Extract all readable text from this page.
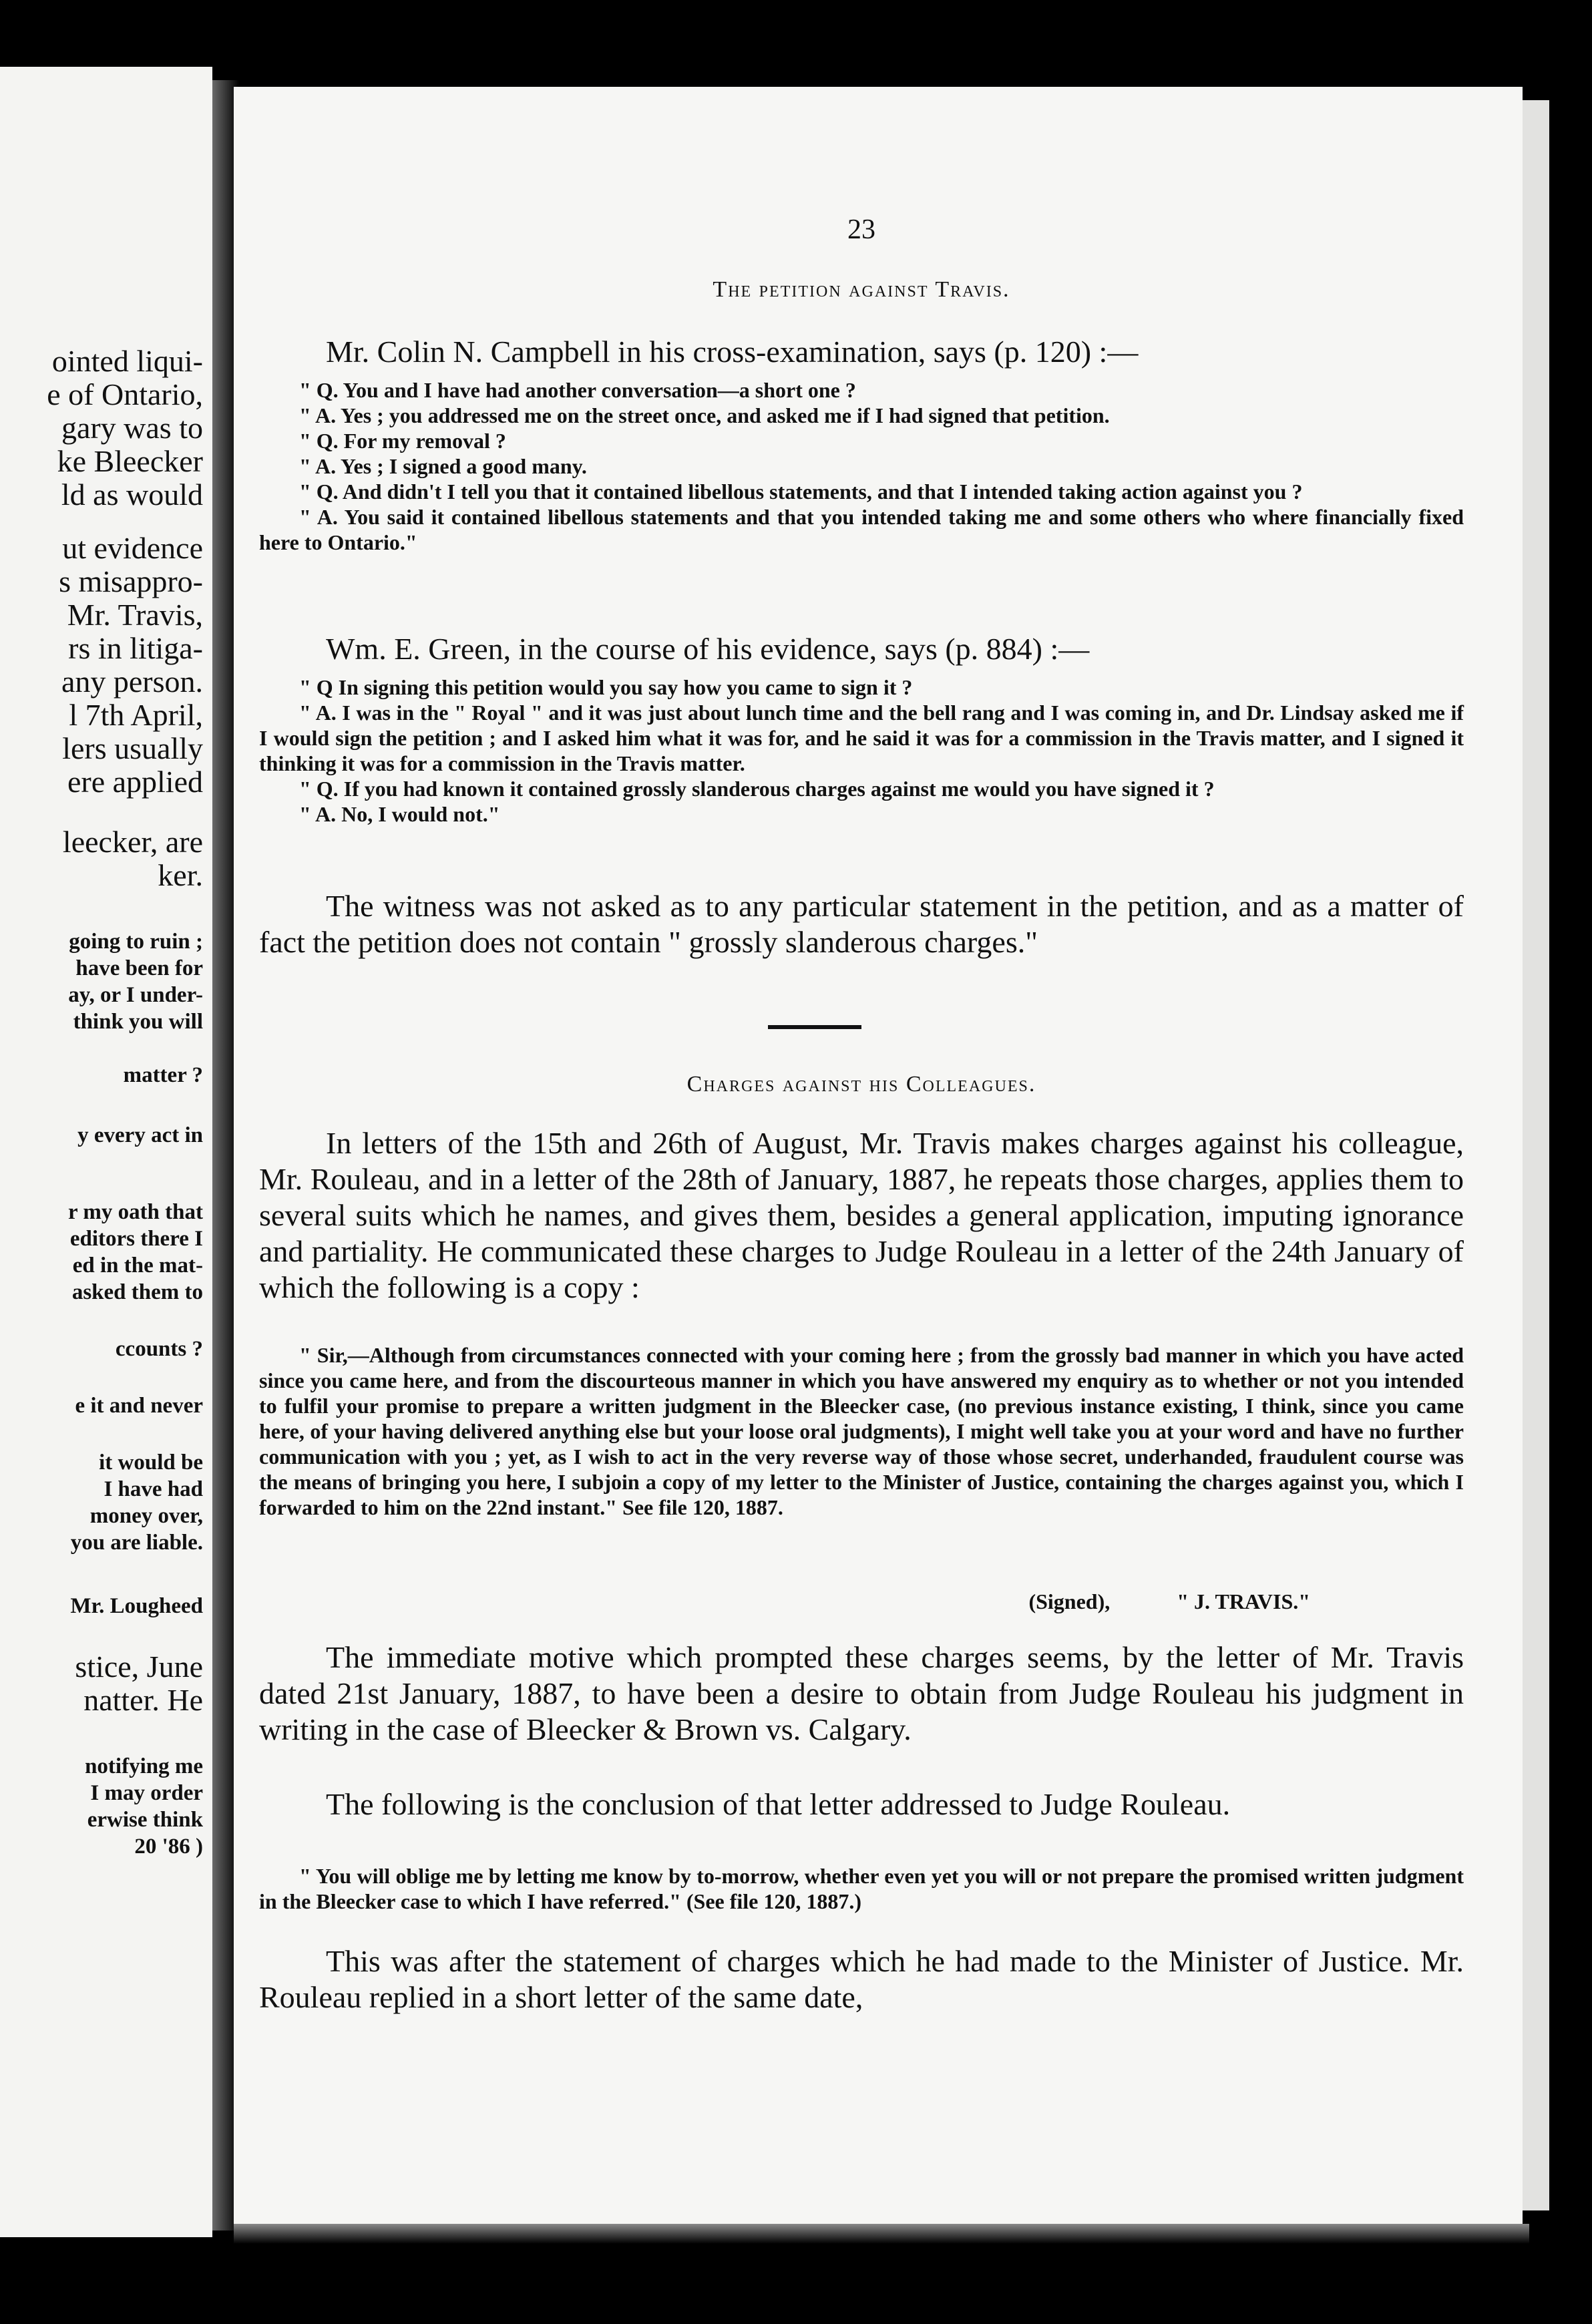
ointed liqui-
e of Ontario,
gary was to
ke Bleecker
ld as would
ut evidence
s misappro-
Mr. Travis,
rs in litiga-
any person.
l 7th April,
lers usually
ere applied
leecker, are
ker.
going to ruin ;
have been for
ay, or I under-
think you will
matter ?
y every act in
r my oath that
editors there I
ed in the mat-
asked them to
ccounts ?
e it and never
it would be
I have had
money over,
you are liable.
Mr. Lougheed
stice, June
natter. He
notifying me
I may order
erwise think
20 '86 )

23

The petition against Travis.

Mr. Colin N. Campbell in his cross-examination, says (p. 120) :—

" Q. You and I have had another conversation—a short one ?

" A. Yes ; you addressed me on the street once, and asked me if I had signed that petition.

" Q. For my removal ?

" A. Yes ; I signed a good many.

" Q. And didn't I tell you that it contained libellous statements, and that I intended taking action against you ?

" A. You said it contained libellous statements and that you intended taking me and some others who where financially fixed here to Ontario."

Wm. E. Green, in the course of his evidence, says (p. 884) :—

" Q In signing this petition would you say how you came to sign it ?

" A. I was in the " Royal " and it was just about lunch time and the bell rang and I was coming in, and Dr. Lindsay asked me if I would sign the petition ; and I asked him what it was for, and he said it was for a commission in the Travis matter, and I signed it thinking it was for a commission in the Travis matter.

" Q. If you had known it contained grossly slanderous charges against me would you have signed it ?

" A. No, I would not."

The witness was not asked as to any particular statement in the petition, and as a matter of fact the petition does not contain " grossly slanderous charges."

Charges against his Colleagues.

In letters of the 15th and 26th of August, Mr. Travis makes charges against his colleague, Mr. Rouleau, and in a letter of the 28th of January, 1887, he repeats those charges, applies them to several suits which he names, and gives them, besides a general application, imputing ignorance and partiality. He communicated these charges to Judge Rouleau in a letter of the 24th January of which the following is a copy :

" Sir,—Although from circumstances connected with your coming here ; from the grossly bad manner in which you have acted since you came here, and from the discourteous manner in which you have answered my enquiry as to whether or not you intended to fulfil your promise to prepare a written judgment in the Bleecker case, (no previous instance existing, I think, since you came here, of your having delivered anything else but your loose oral judgments), I might well take you at your word and have no further communication with you ; yet, as I wish to act in the very reverse way of those whose secret, underhanded, fraudulent course was the means of bringing you here, I subjoin a copy of my letter to the Minister of Justice, containing the charges against you, which I forwarded to him on the 22nd instant." See file 120, 1887.

(Signed),	" J. TRAVIS."

The immediate motive which prompted these charges seems, by the letter of Mr. Travis dated 21st January, 1887, to have been a desire to obtain from Judge Rouleau his judgment in writing in the case of Bleecker & Brown vs. Calgary.

The following is the conclusion of that letter addressed to Judge Rouleau.

" You will oblige me by letting me know by to-morrow, whether even yet you will or not prepare the promised written judgment in the Bleecker case to which I have referred." (See file 120, 1887.)

This was after the statement of charges which he had made to the Minister of Justice. Mr. Rouleau replied in a short letter of the same date,
